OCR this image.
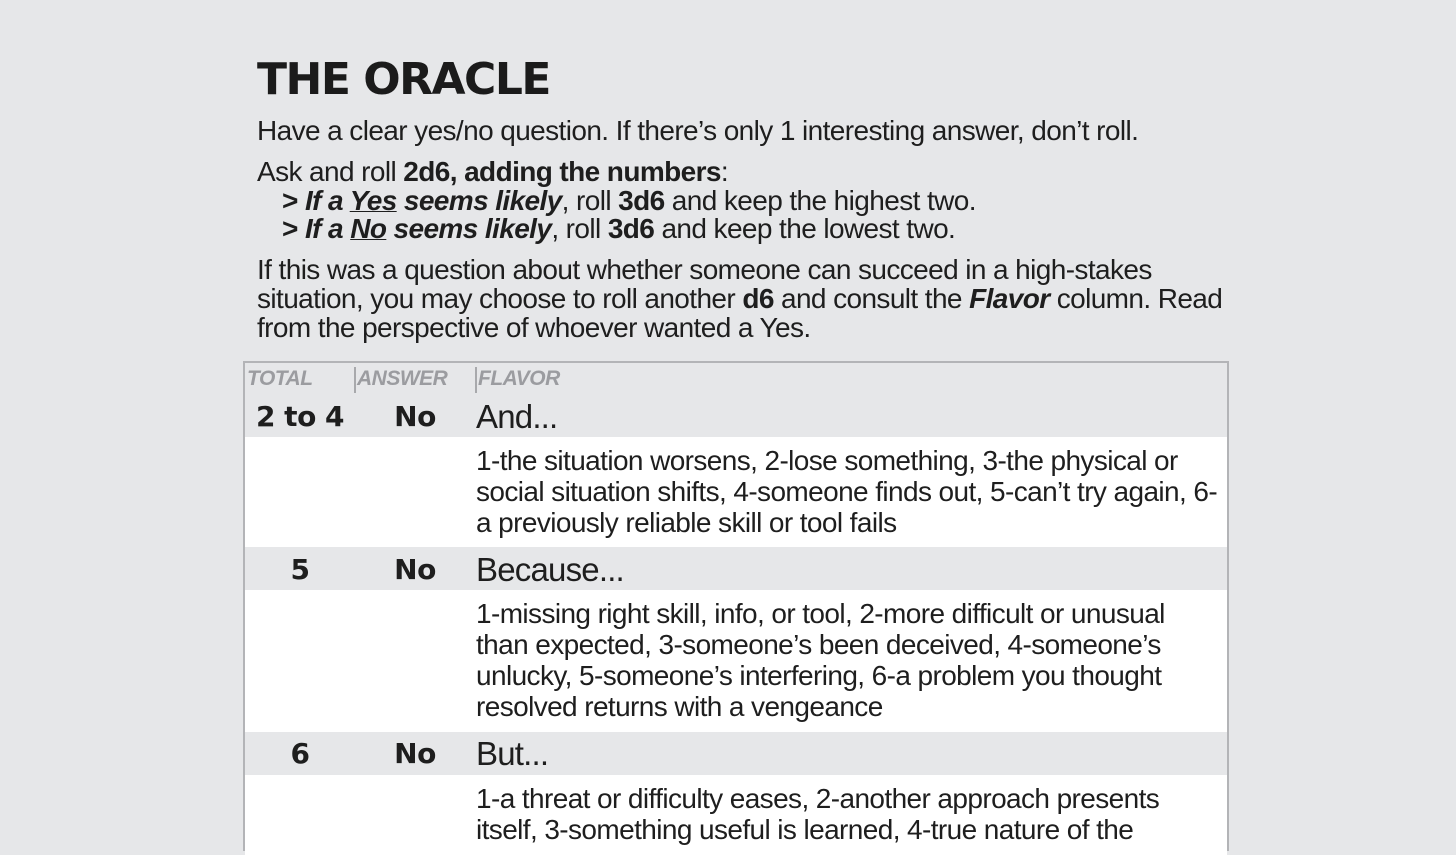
THE ORACLE

Have a clear yes/no question. If there’s only 1 interesting answer, don’t roll.

Ask and roll 2d6, adding the numbers:

> If a Yes seems likely, roll 3d6 and keep the highest two.
> If a No seems likely, roll 3d6 and keep the lowest two.

If this was a question about whether someone can succeed in a high-stakes situation, you may choose to roll another d6 and consult the Flavor column. Read from the perspective of whoever wanted a Yes.

TOTAL ANSWER FLAVOR
2 to 4	No	And...
1-the situation worsens, 2-lose something, 3-the physical or social situation shifts, 4-someone finds out, 5-can’t try again, 6-a previously reliable skill or tool fails
5	No	Because...
1-missing right skill, info, or tool, 2-more difficult or unusual than expected, 3-someone’s been deceived, 4-someone’s unlucky, 5-someone’s interfering, 6-a problem you thought resolved returns with a vengeance
6	No	But...
1-a threat or difficulty eases, 2-another approach presents itself, 3-something useful is learned, 4-true nature of the
